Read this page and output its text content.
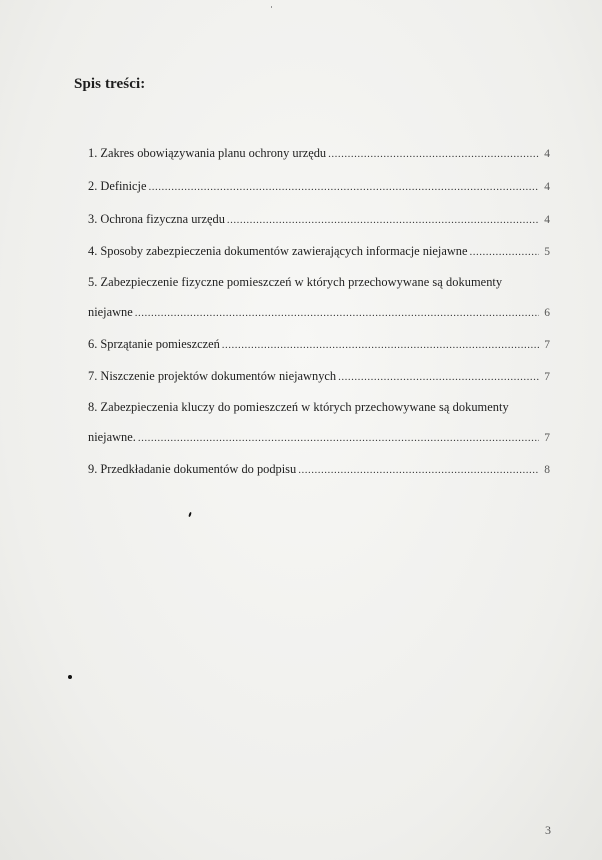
Spis treści:
1. Zakres obowiązywania planu ochrony urzędu .....	4
2. Definicje .....	4
3. Ochrona fizyczna urzędu .....	4
4. Sposoby zabezpieczenia dokumentów zawierających informacje niejawne .....	5
5. Zabezpieczenie fizyczne pomieszczeń w których przechowywane są dokumenty
niejawne .....	6
6. Sprzątanie pomieszczeń .....	7
7. Niszczenie projektów dokumentów niejawnych .....	7
8. Zabezpieczenia kluczy do pomieszczeń w których przechowywane są dokumenty
niejawne. .....	7
9. Przedkładanie dokumentów do podpisu .....	8
3
